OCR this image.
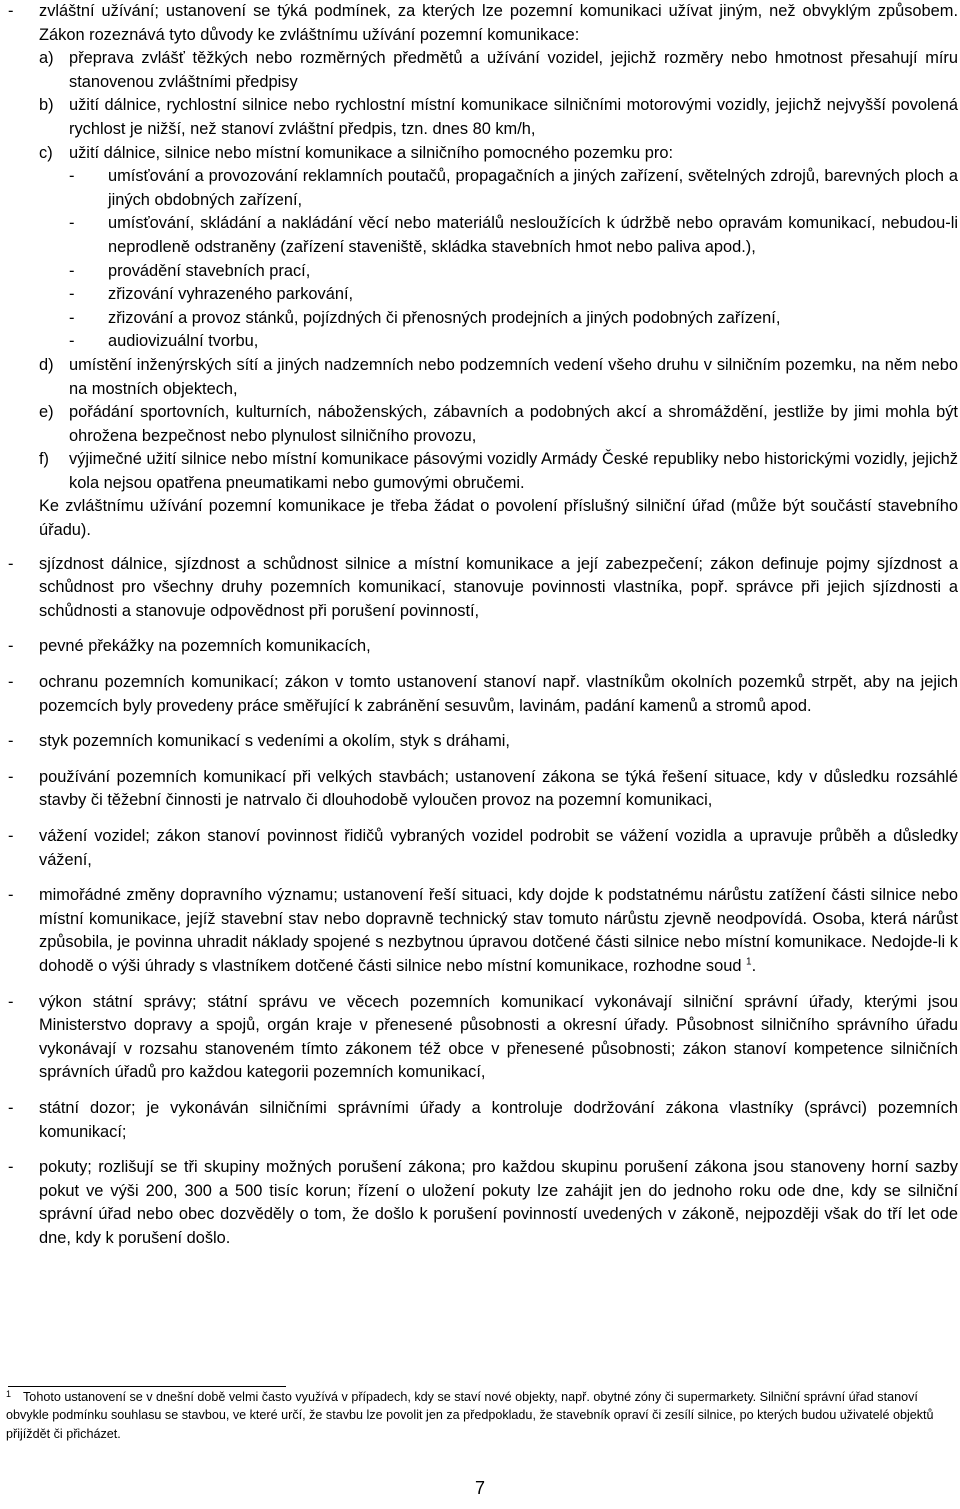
-	zvláštní užívání; ustanovení se týká podmínek, za kterých lze pozemní komunikaci užívat jiným, než obvyklým způsobem. Zákon rozeznává tyto důvody ke zvláštnímu užívání pozemní komunikace:
a) přeprava zvlášť těžkých nebo rozměrných předmětů a užívání vozidel, jejichž rozměry nebo hmotnost přesahují míru stanovenou zvláštními předpisy
b) užití dálnice, rychlostní silnice nebo rychlostní místní komunikace silničními motorovými vozidly, jejichž nejvyšší povolená rychlost je nižší, než stanoví zvláštní předpis, tzn. dnes 80 km/h,
c) užití dálnice, silnice nebo místní komunikace a silničního pomocného pozemku pro:
-	umísťování a provozování reklamních poutačů, propagačních a jiných zařízení, světelných zdrojů, barevných ploch a jiných obdobných zařízení,
-	umísťování, skládání a nakládání věcí nebo materiálů nesloužících k údržbě nebo opravám komunikací, nebudou-li neprodleně odstraněny (zařízení staveniště, skládka stavebních hmot nebo paliva apod.),
-	provádění stavebních prací,
-	zřizování vyhrazeného parkování,
-	zřizování a provoz stánků, pojízdných či přenosných prodejních a jiných podobných zařízení,
-	audiovizuální tvorbu,
d) umístění inženýrských sítí a jiných nadzemních nebo podzemních vedení všeho druhu v silničním pozemku, na něm nebo na mostních objektech,
e) pořádání sportovních, kulturních, náboženských, zábavních a podobných akcí a shromáždění, jestliže by jimi mohla být ohrožena bezpečnost nebo plynulost silničního provozu,
f)	výjimečné užití silnice nebo místní komunikace pásovými vozidly Armády České republiky nebo historickými vozidly, jejichž kola nejsou opatřena pneumatikami nebo gumovými obručemi.
Ke zvláštnímu užívání pozemní komunikace je třeba žádat o povolení příslušný silniční úřad (může být součástí stavebního úřadu).
-	sjízdnost dálnice, sjízdnost a schůdnost silnice a místní komunikace a její zabezpečení; zákon definuje pojmy sjízdnost a schůdnost pro všechny druhy pozemních komunikací, stanovuje povinnosti vlastníka, popř. správce při jejich sjízdnosti a schůdnosti a stanovuje odpovědnost při porušení povinností,
-	pevné překážky na pozemních komunikacích,
-	ochranu pozemních komunikací; zákon v tomto ustanovení stanoví např. vlastníkům okolních pozemků strpět, aby na jejich pozemcích byly provedeny práce směřující k zabránění sesuvům, lavinám, padání kamenů a stromů apod.
-	styk pozemních komunikací s vedeními a okolím, styk s dráhami,
-	používání pozemních komunikací při velkých stavbách; ustanovení zákona se týká řešení situace, kdy v důsledku rozsáhlé stavby či těžební činnosti je natrvalo či dlouhodobě vyloučen provoz na pozemní komunikaci,
-	vážení vozidel; zákon stanoví povinnost řidičů vybraných vozidel podrobit se vážení vozidla a upravuje průběh a důsledky vážení,
-	mimořádné změny dopravního významu; ustanovení řeší situaci, kdy dojde k podstatnému nárůstu zatížení části silnice nebo místní komunikace, jejíž stavební stav nebo dopravně technický stav tomuto nárůstu zjevně neodpovídá. Osoba, která nárůst způsobila, je povinna uhradit náklady spojené s nezbytnou úpravou dotčené části silnice nebo místní komunikace. Nedojde-li k dohodě o výši úhrady s vlastníkem dotčené části silnice nebo místní komunikace, rozhodne soud $^1$.
-	výkon státní správy; státní správu ve věcech pozemních komunikací vykonávají silniční správní úřady, kterými jsou Ministerstvo dopravy a spojů, orgán kraje v přenesené působnosti a okresní úřady. Působnost silničního správního úřadu vykonávají v rozsahu stanoveném tímto zákonem též obce v přenesené působnosti; zákon stanoví kompetence silničních správních úřadů pro každou kategorii pozemních komunikací,
-	státní dozor; je vykonáván silničními správními úřady a kontroluje dodržování zákona vlastníky (správci) pozemních komunikací;
-	pokuty; rozlišují se tři skupiny možných porušení zákona; pro každou skupinu porušení zákona jsou stanoveny horní sazby pokut ve výši 200, 300 a 500 tisíc korun; řízení o uložení pokuty lze zahájit jen do jednoho roku ode dne, kdy se silniční správní úřad nebo obec dozvěděly o tom, že došlo k porušení povinností uvedených v zákoně, nejpozději však do tří let ode dne, kdy k porušení došlo.
$^1$ Tohoto ustanovení se v dnešní době velmi často využívá v případech, kdy se staví nové objekty, např. obytné zóny či supermarkety. Silniční správní úřad stanoví obvykle podmínku souhlasu se stavbou, ve které určí, že stavbu lze povolit jen za předpokladu, že stavebník opraví či zesílí silnice, po kterých budou uživatelé objektů přijíždět či přicházet.
7
